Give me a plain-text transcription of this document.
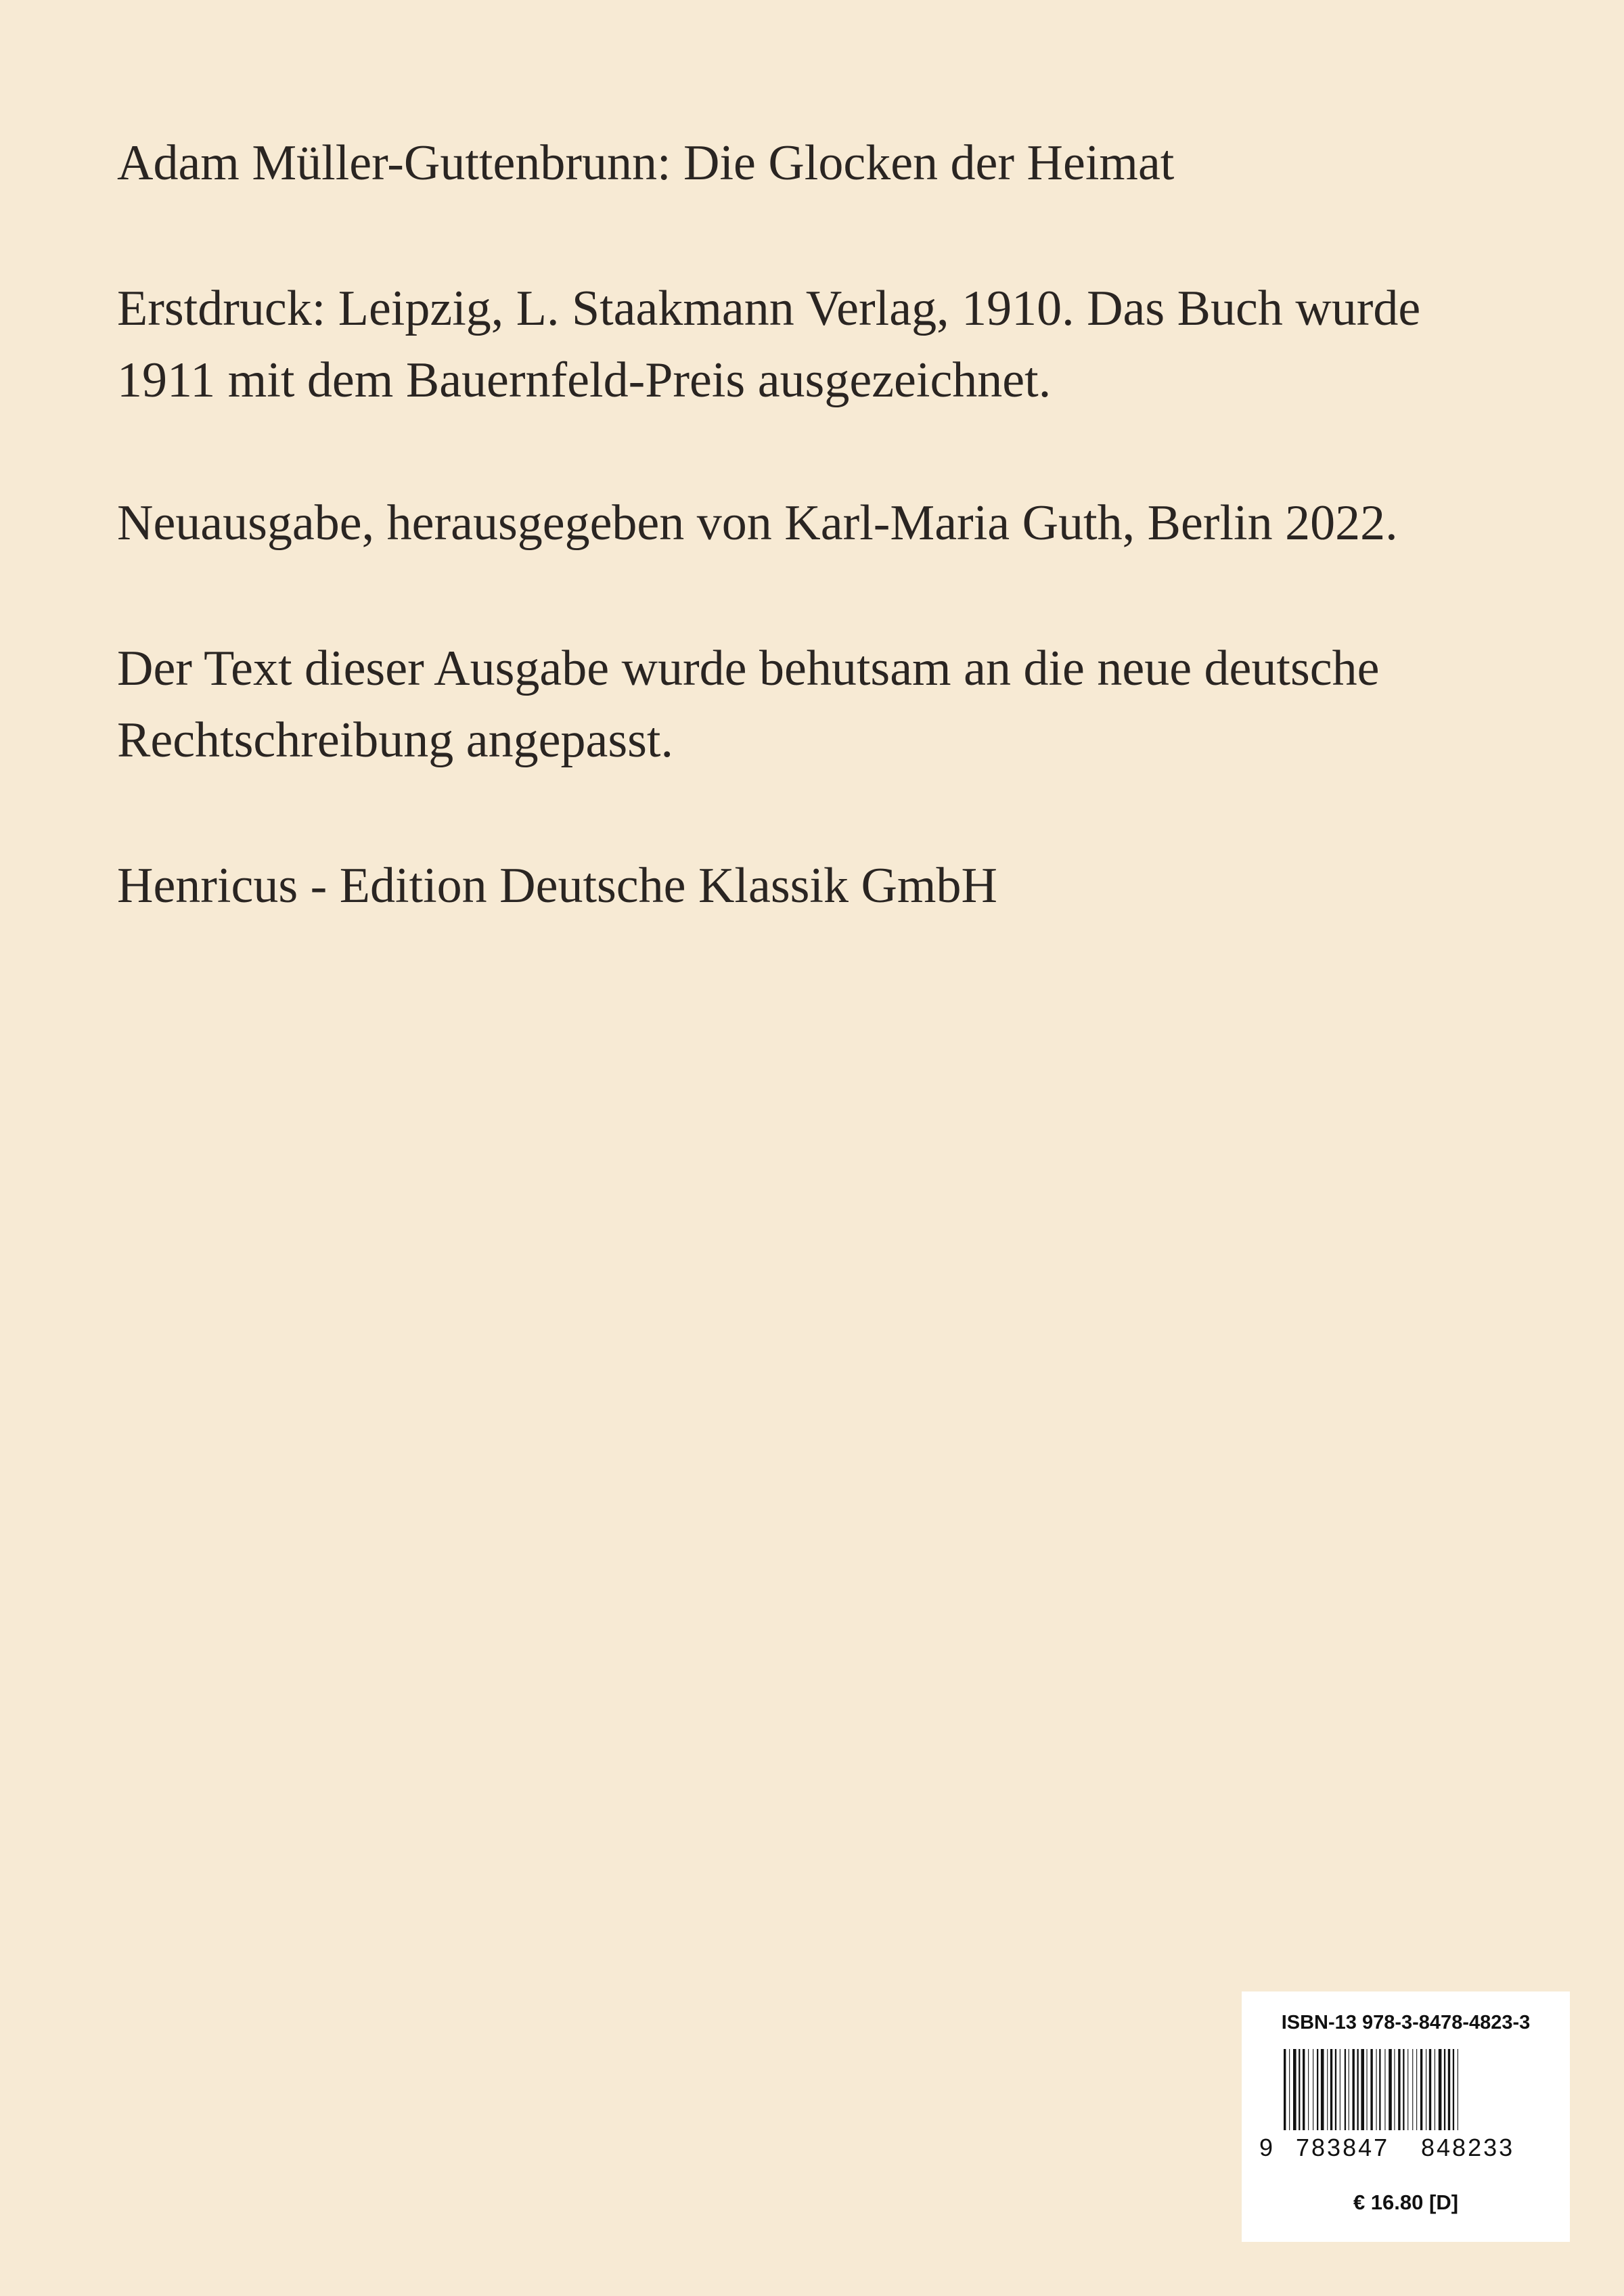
Adam Müller-Guttenbrunn: Die Glocken der Heimat

Erstdruck: Leipzig, L. Staakmann Verlag, 1910. Das Buch wurde
1911 mit dem Bauernfeld-Preis ausgezeichnet.

Neuausgabe, herausgegeben von Karl-Maria Guth, Berlin 2022.

Der Text dieser Ausgabe wurde behutsam an die neue deutsche
Rechtschreibung angepasst.

Henricus - Edition Deutsche Klassik GmbH

ISBN-13 978-3-8478-4823-3
9 783847 848233
€ 16.80 [D]
